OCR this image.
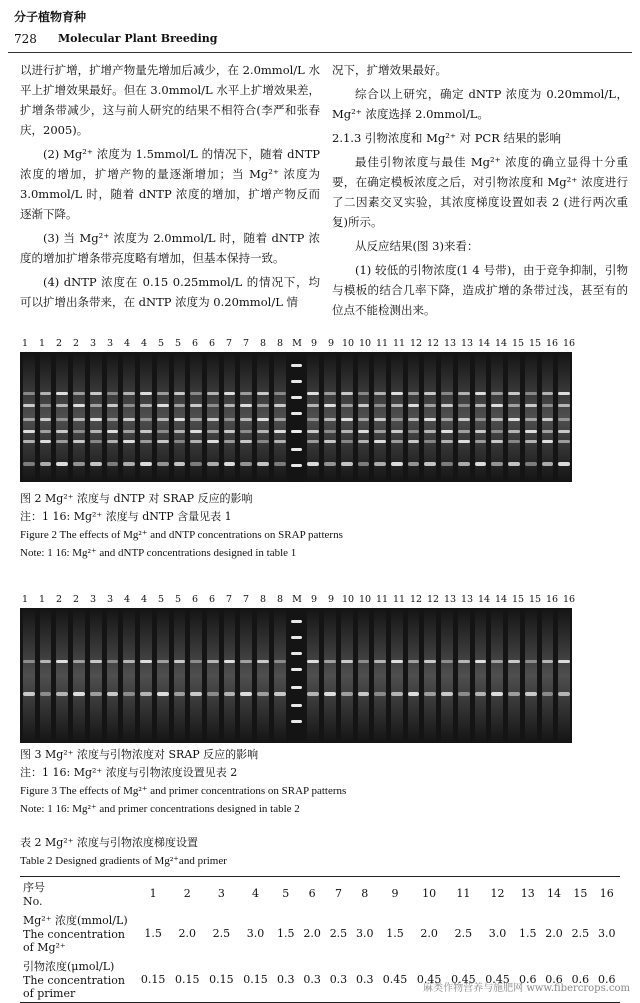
分子植物育种
728 Molecular Plant Breeding

以进行扩增，扩增产物量先增加后减少，在 2.0mmol/L 水平上扩增效果最好。但在 3.0mmol/L 水平上扩增效果差，扩增条带减少，这与前人研究的结果不相符合(李严和张春庆，2005)。

(2) Mg²⁺ 浓度为 1.5mmol/L 的情况下，随着 dNTP 浓度的增加，扩增产物的量逐渐增加；当 Mg²⁺ 浓度为 3.0mmol/L 时，随着 dNTP 浓度的增加，扩增产物反而逐渐下降。

(3) 当 Mg²⁺ 浓度为 2.0mmol/L 时，随着 dNTP 浓度的增加扩增条带亮度略有增加，但基本保持一致。

(4) dNTP 浓度在 0.15 0.25mmol/L 的情况下，均可以扩增出条带来，在 dNTP 浓度为 0.20mmol/L 情

况下，扩增效果最好。

综合以上研究，确定 dNTP 浓度为 0.20mmol/L，Mg²⁺ 浓度选择 2.0mmol/L。

2.1.3 引物浓度和 Mg²⁺ 对 PCR 结果的影响

最佳引物浓度与最佳 Mg²⁺ 浓度的确立显得十分重要，在确定模板浓度之后，对引物浓度和 Mg²⁺ 浓度进行了二因素交叉实验，其浓度梯度设置如表 2 (进行两次重复)所示。

从反应结果(图 3)来看：

(1) 较低的引物浓度(1 4 号带)，由于竞争抑制，引物与模板的结合几率下降，造成扩增的条带过浅，甚至有的位点不能检测出来。

1	1	2	2	3	3	4	4	5	5	6	6	7	7	8	8 M 9	9 10 10 11 11 12 12 13 13 14 14 15 15 16 16
图 2 Mg²⁺ 浓度与 dNTP 对 SRAP 反应的影响
注：1 16: Mg²⁺ 浓度与 dNTP 含量见表 1
Figure 2 The effects of Mg²⁺ and dNTP concentrations on SRAP patterns
Note: 1 16: Mg²⁺ and dNTP concentrations designed in table 1
1	1	2	2	3	3	4	4	5	5	6	6	7	7	8	8 M 9	9 10 10 11 11 12 12 13 13 14 14 15 15 16 16
图 3 Mg²⁺ 浓度与引物浓度对 SRAP 反应的影响
注：1 16: Mg²⁺ 浓度与引物浓度设置见表 2
Figure 3 The effects of Mg²⁺ and primer concentrations on SRAP patterns
Note: 1 16: Mg²⁺ and primer concentrations designed in table 2
表 2 Mg²⁺ 浓度与引物浓度梯度设置
Table 2 Designed gradients of Mg²⁺and primer
序号
No.	1	2	3	4	5	6	7	8	9	10	11	12	13	14	15	16
Mg²⁺ 浓度(mmol/L)
The concentration of Mg²⁺	1.5	2.0	2.5	3.0	1.5	2.0	2.5	3.0	1.5	2.0	2.5	3.0	1.5	2.0	2.5	3.0
引物浓度(μmol/L)
The concentration of primer	0.15	0.15	0.15	0.15	0.3	0.3	0.3	0.3	0.45	0.45	0.45	0.45	0.6	0.6	0.6	0.6
麻类作物营养与施肥网 www.fibercrops.com
